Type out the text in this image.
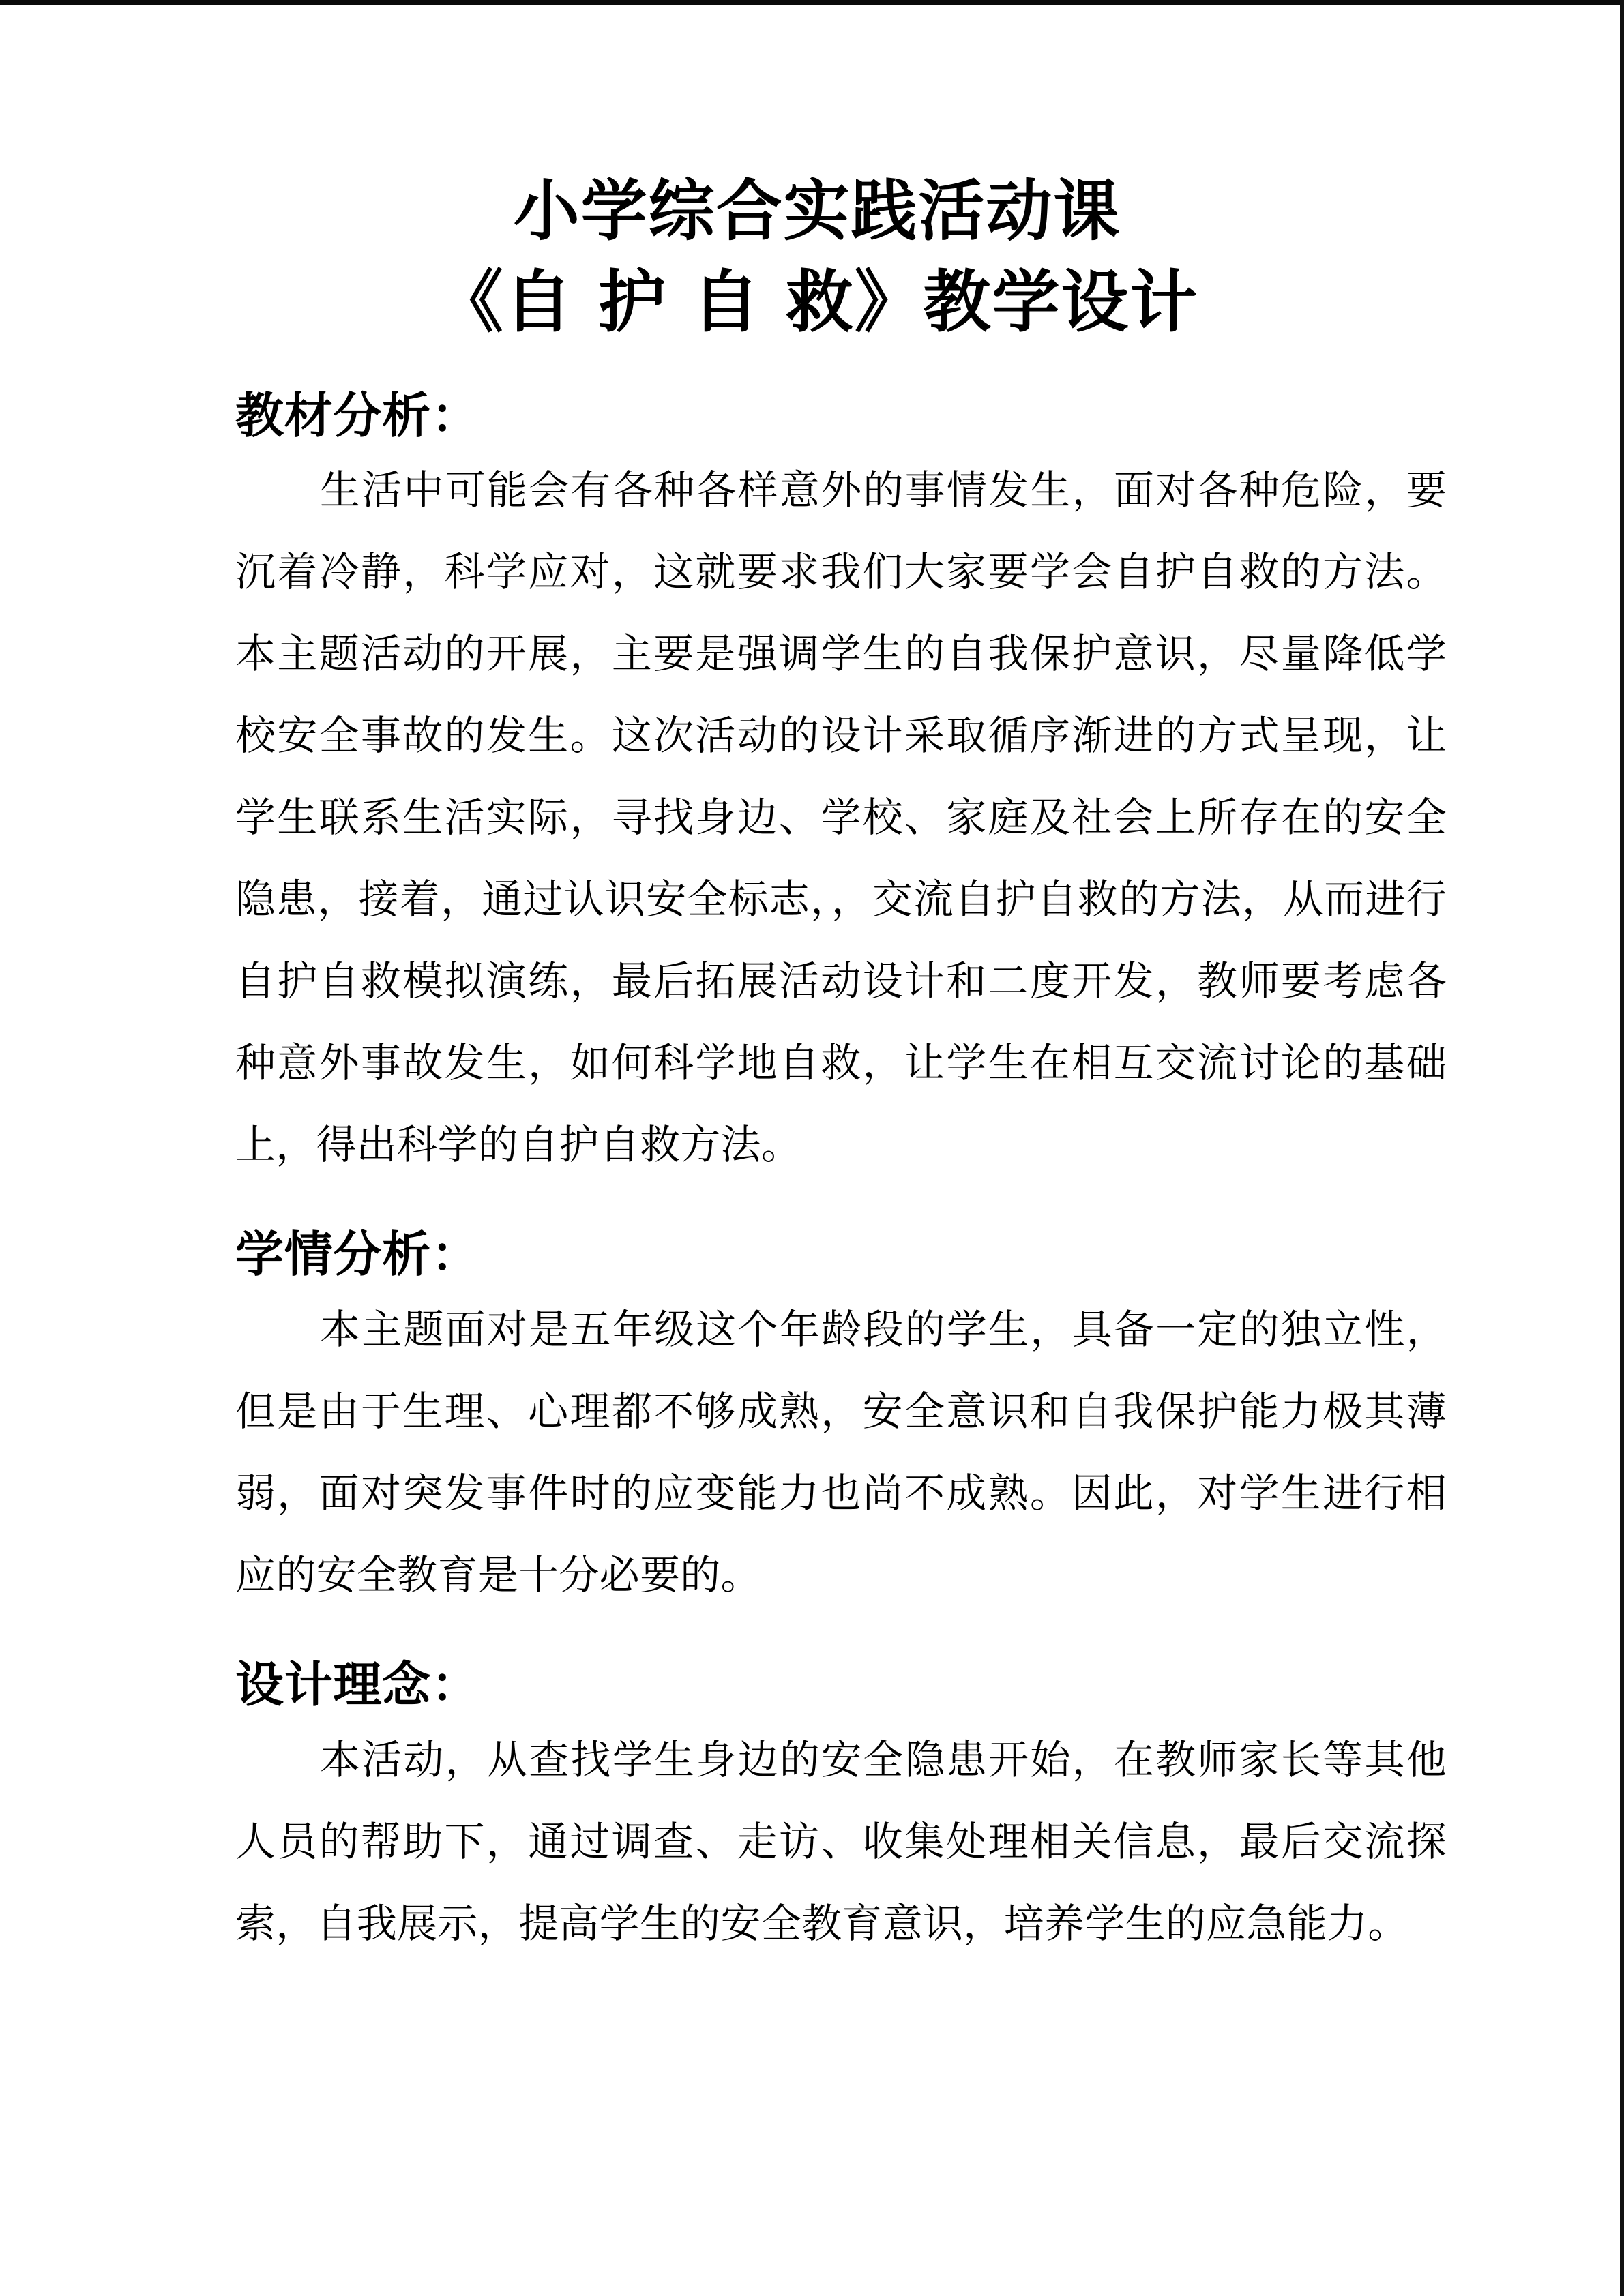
小学综合实践活动课
《自 护 自 救》教学设计
教材分析：

生活中可能会有各种各样意外的事情发生，面对各种危险，要沉着冷静，科学应对，这就要求我们大家要学会自护自救的方法。本主题活动的开展，主要是强调学生的自我保护意识，尽量降低学校安全事故的发生。这次活动的设计采取循序渐进的方式呈现，让学生联系生活实际，寻找身边、学校、家庭及社会上所存在的安全隐患，接着，通过认识安全标志，，交流自护自救的方法，从而进行自护自救模拟演练，最后拓展活动设计和二度开发，教师要考虑各种意外事故发生，如何科学地自救，让学生在相互交流讨论的基础上，得出科学的自护自救方法。

学情分析：

本主题面对是五年级这个年龄段的学生，具备一定的独立性，但是由于生理、心理都不够成熟，安全意识和自我保护能力极其薄弱，面对突发事件时的应变能力也尚不成熟。因此，对学生进行相应的安全教育是十分必要的。

设计理念：

本活动，从查找学生身边的安全隐患开始，在教师家长等其他人员的帮助下，通过调查、走访、收集处理相关信息，最后交流探索，自我展示，提高学生的安全教育意识，培养学生的应急能力。
